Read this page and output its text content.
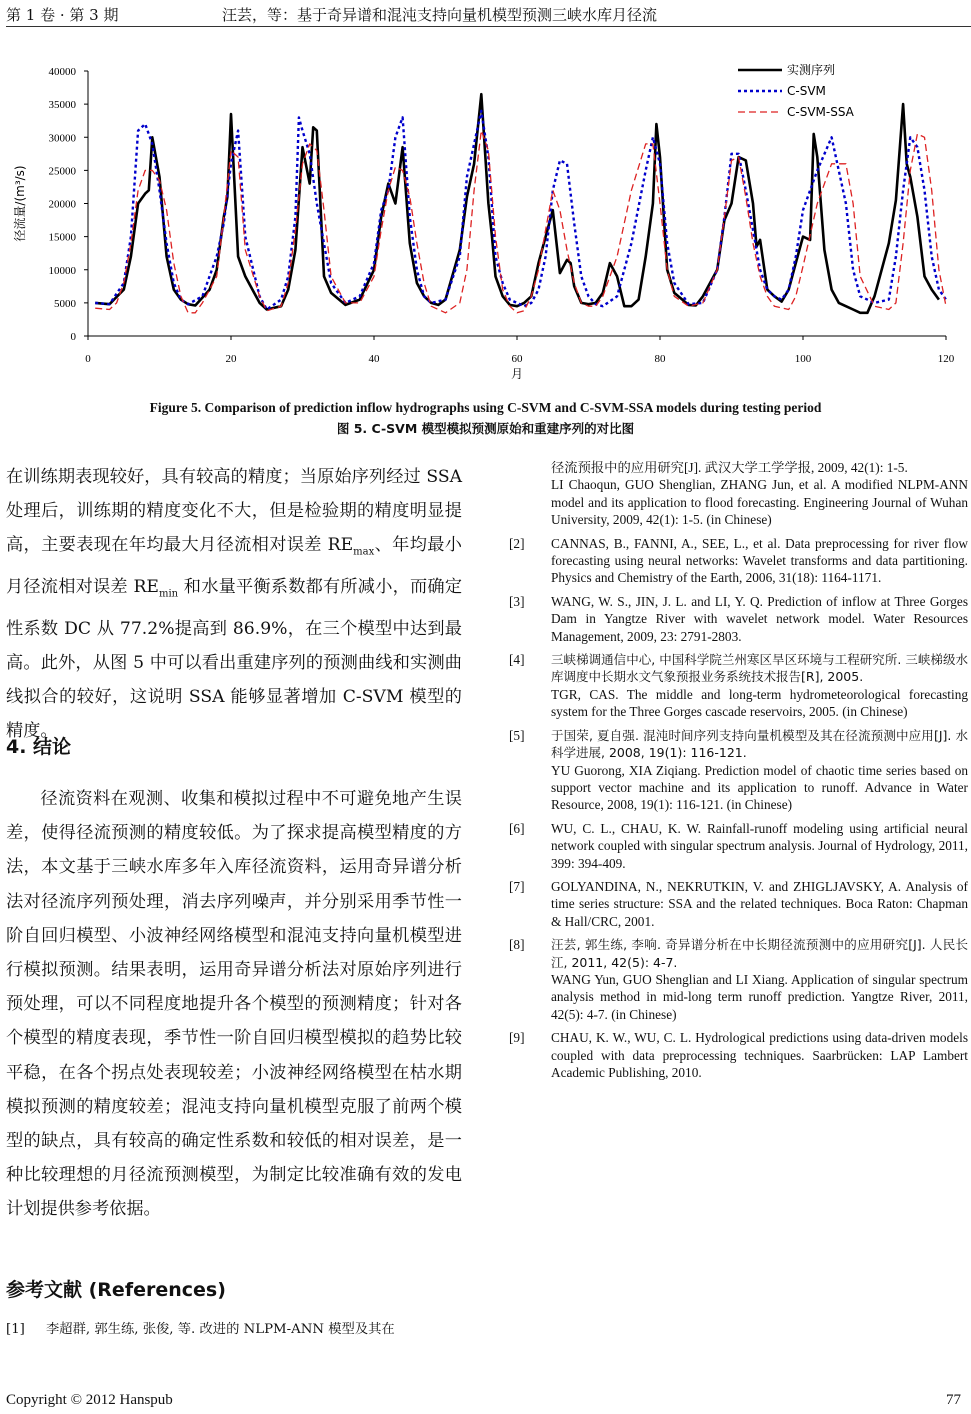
第 1 卷 · 第 3 期	汪芸，等：基于奇异谱和混沌支持向量机模型预测三峡水库月径流
0
5000
10000
15000
20000
25000
30000
35000
40000
0	20	40	60	80	100	120
月
径流量/(m³/s)
实测序列
C-SVM
C-SVM-SSA
Figure 5. Comparison of prediction inflow hydrographs using C-SVM and C-SVM-SSA models during testing period
图 5. C-SVM 模型模拟预测原始和重建序列的对比图

在训练期表现较好，具有较高的精度；当原始序列经过 SSA 处理后，训练期的精度变化不大，但是检验期的精度明显提高，主要表现在年均最大月径流相对误差 $RE_{max}$、年均最小月径流相对误差 $RE_{min}$ 和水量平衡系数都有所减小，而确定性系数 DC 从 77.2%提高到 86.9%，在三个模型中达到最高。此外，从图 5 中可以看出重建序列的预测曲线和实测曲线拟合的较好，这说明 SSA 能够显著增加 C-SVM 模型的精度。

4. 结论

径流资料在观测、收集和模拟过程中不可避免地产生误差，使得径流预测的精度较低。为了探求提高模型精度的方法，本文基于三峡水库多年入库径流资料，运用奇异谱分析法对径流序列预处理，消去序列噪声，并分别采用季节性一阶自回归模型、小波神经网络模型和混沌支持向量机模型进行模拟预测。结果表明，运用奇异谱分析法对原始序列进行预处理，可以不同程度地提升各个模型的预测精度；针对各个模型的精度表现，季节性一阶自回归模型模拟的趋势比较平稳，在各个拐点处表现较差；小波神经网络模型在枯水期模拟预测的精度较差；混沌支持向量机模型克服了前两个模型的缺点，具有较高的确定性系数和较低的相对误差，是一种比较理想的月径流预测模型，为制定比较准确有效的发电计划提供参考依据。

参考文献 (References)
[1] 李超群, 郭生练, 张俊, 等. 改进的 NLPM-ANN 模型及其在

径流预报中的应用研究[J]. 武汉大学工学学报, 2009, 42(1): 1-5.

LI Chaoqun, GUO Shenglian, ZHANG Jun, et al. A modified NLPM-ANN model and its application to flood forecasting. Engineering Journal of Wuhan University, 2009, 42(1): 1-5. (in Chinese)

[2] CANNAS, B., FANNI, A., SEE, L., et al. Data preprocessing for river flow forecasting using neural networks: Wavelet transforms and data partitioning. Physics and Chemistry of the Earth, 2006, 31(18): 1164-1171.

[3] WANG, W. S., JIN, J. L. and LI, Y. Q. Prediction of inflow at Three Gorges Dam in Yangtze River with wavelet network model. Water Resources Management, 2009, 23: 2791-2803.

[4] 三峡梯调通信中心, 中国科学院兰州寒区旱区环境与工程研究所. 三峡梯级水库调度中长期水文气象预报业务系统技术报告[R], 2005.

TGR, CAS. The middle and long-term hydrometeorological forecasting system for the Three Gorges cascade reservoirs, 2005. (in Chinese)

[5] 于国荣, 夏自强. 混沌时间序列支持向量机模型及其在径流预测中应用[J]. 水科学进展, 2008, 19(1): 116-121.

YU Guorong, XIA Ziqiang. Prediction model of chaotic time series based on support vector machine and its application to runoff. Advance in Water Resource, 2008, 19(1): 116-121. (in Chinese)

[6] WU, C. L., CHAU, K. W. Rainfall-runoff modeling using artificial neural network coupled with singular spectrum analysis. Journal of Hydrology, 2011, 399: 394-409.

[7] GOLYANDINA, N., NEKRUTKIN, V. and ZHIGLJAVSKY, A. Analysis of time series structure: SSA and the related techniques. Boca Raton: Chapman & Hall/CRC, 2001.

[8] 汪芸, 郭生练, 李响. 奇异谱分析在中长期径流预测中的应用研究[J]. 人民长江, 2011, 42(5): 4-7.

WANG Yun, GUO Shenglian and LI Xiang. Application of singular spectrum analysis method in mid-long term runoff prediction. Yangtze River, 2011, 42(5): 4-7. (in Chinese)

[9] CHAU, K. W., WU, C. L. Hydrological predictions using data-driven models coupled with data preprocessing techniques. Saarbrücken: LAP Lambert Academic Publishing, 2010.

Copyright © 2012 Hanspub	77
